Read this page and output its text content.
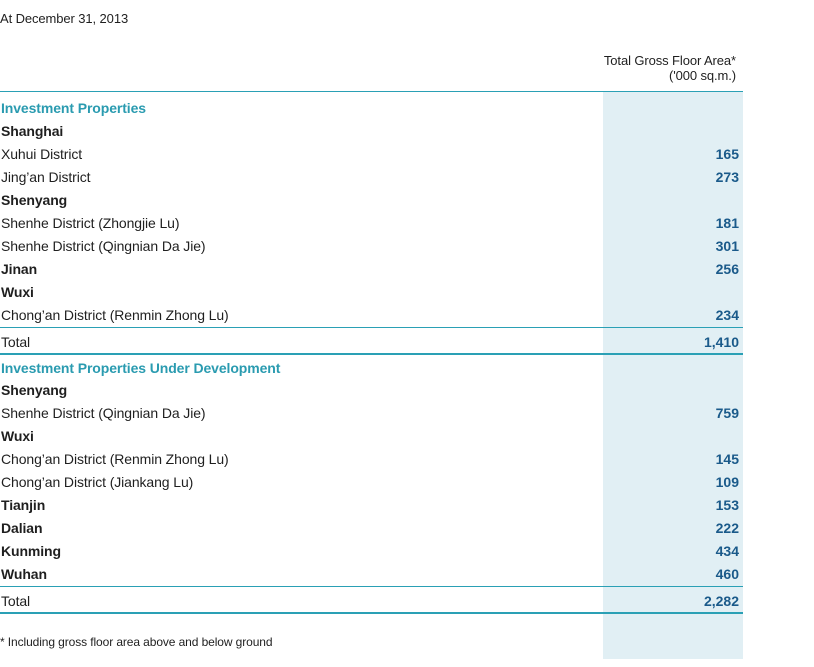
At December 31, 2013
Total Gross Floor Area*
('000 sq.m.)
Investment Properties
Shanghai
Xuhui District	165
Jing’an District	273
Shenyang
Shenhe District (Zhongjie Lu)	181
Shenhe District (Qingnian Da Jie)	301
Jinan	256
Wuxi
Chong’an District (Renmin Zhong Lu)	234
Total	1,410
Investment Properties Under Development
Shenyang
Shenhe District (Qingnian Da Jie)	759
Wuxi
Chong’an District (Renmin Zhong Lu)	145
Chong’an District (Jiankang Lu)	109
Tianjin	153
Dalian	222
Kunming	434
Wuhan	460
Total	2,282
* Including gross floor area above and below ground
